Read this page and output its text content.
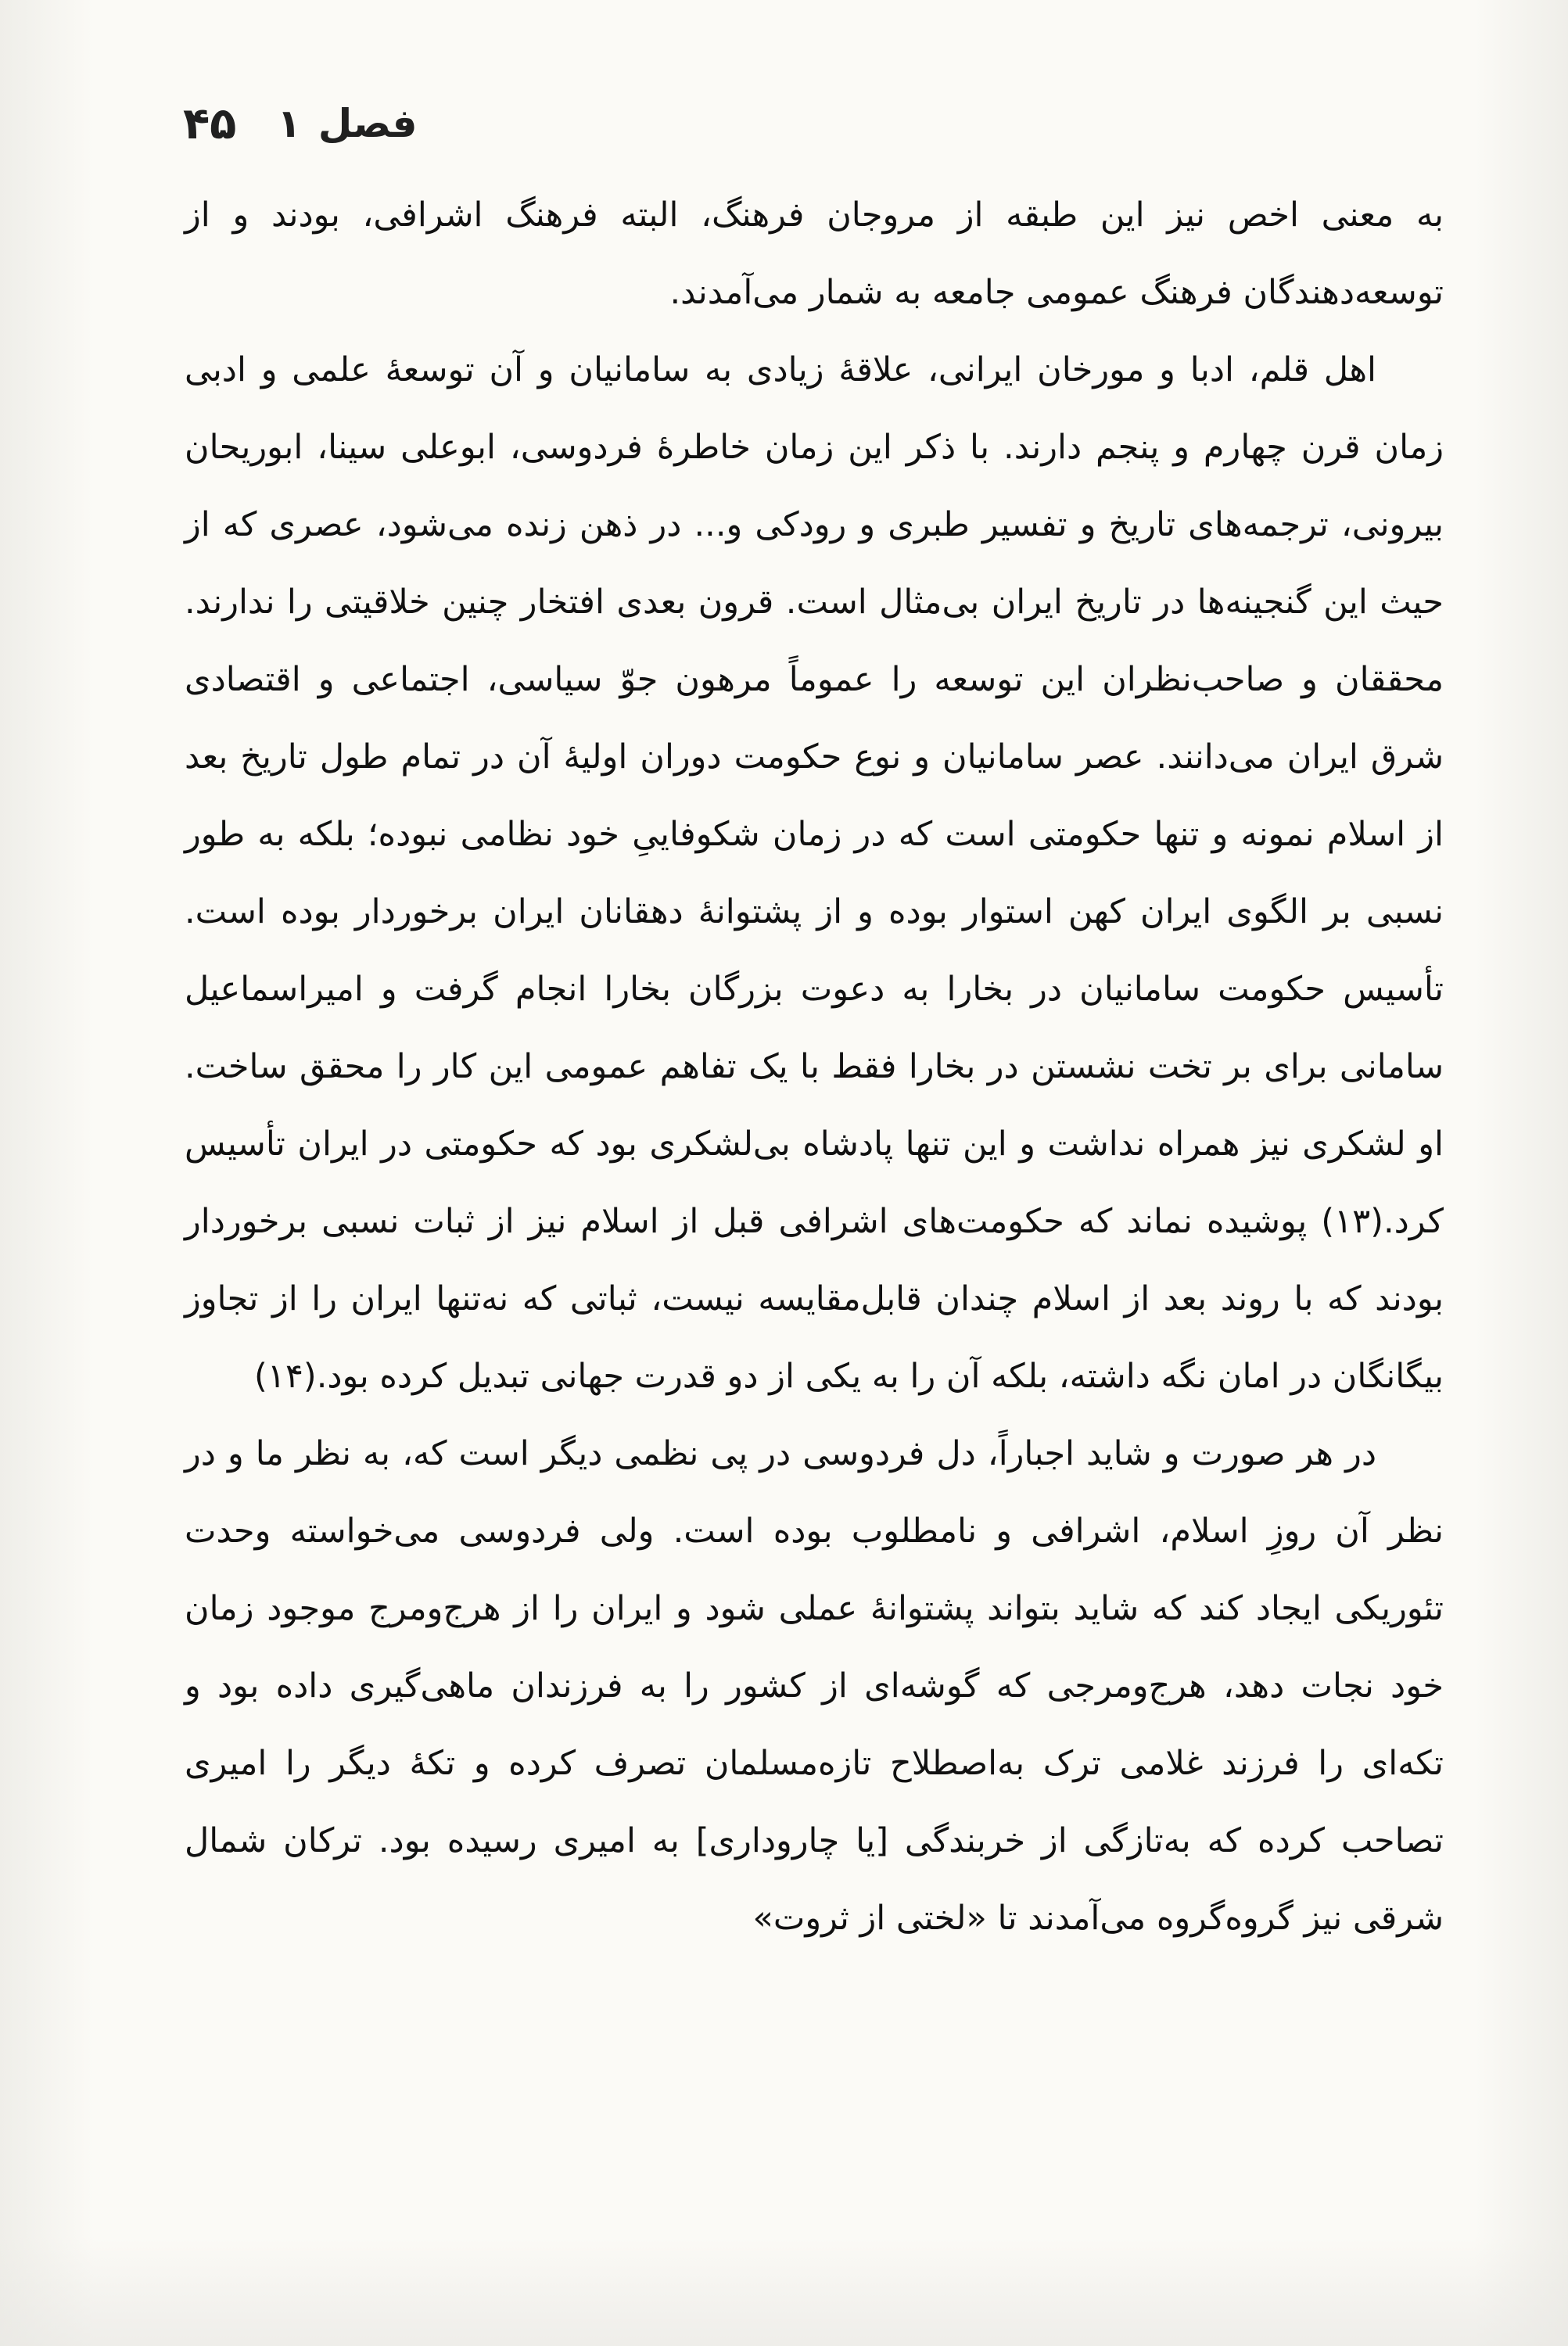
فصل
۱
۴۵

به معنی اخص نیز این طبقه از مروجان فرهنگ، البته فرهنگ اشرافی، بودند و از توسعه‌دهندگان فرهنگ عمومی جامعه به شمار می‌آمدند.

اهل قلم، ادبا و مورخان ایرانی، علاقهٔ زیادی به سامانیان و آن توسعهٔ علمی و ادبی زمان قرن چهارم و پنجم دارند. با ذکر این زمان خاطرهٔ فردوسی، ابوعلی سینا، ابوریحان بیرونی، ترجمه‌های تاریخ و تفسیر طبری و رودکی و... در ذهن زنده می‌شود، عصری که از حیث این گنجینه‌ها در تاریخ ایران بی‌مثال است. قرون بعدی افتخار چنین خلاقیتی را ندارند. محققان و صاحب‌نظران این توسعه را عموماً مرهون جوّ سیاسی، اجتماعی و اقتصادی شرق ایران می‌دانند. عصر سامانیان و نوع حکومت دوران اولیهٔ آن در تمام طول تاریخ بعد از اسلام نمونه و تنها حکومتی است که در زمان شکوفاییِ خود نظامی نبوده؛ بلکه به طور نسبی بر الگوی ایران کهن استوار بوده و از پشتوانهٔ دهقانان ایران برخوردار بوده است. تأسیس حکومت سامانیان در بخارا به دعوت بزرگان بخارا انجام گرفت و امیراسماعیل سامانی برای بر تخت نشستن در بخارا فقط با یک تفاهم عمومی این کار را محقق ساخت. او لشکری نیز همراه نداشت و این تنها پادشاه بی‌لشکری بود که حکومتی در ایران تأسیس کرد.(۱۳) پوشیده نماند که حکومت‌های اشرافی قبل از اسلام نیز از ثبات نسبی برخوردار بودند که با روند بعد از اسلام چندان قابل‌مقایسه نیست، ثباتی که نه‌تنها ایران را از تجاوز بیگانگان در امان نگه داشته، بلکه آن را به یکی از دو قدرت جهانی تبدیل کرده بود.(۱۴)

در هر صورت و شاید اجباراً، دل فردوسی در پی نظمی دیگر است که، به نظر ما و در نظر آن روزِ اسلام، اشرافی و نامطلوب بوده است. ولی فردوسی می‌خواسته وحدت تئوریکی ایجاد کند که شاید بتواند پشتوانهٔ عملی شود و ایران را از هرج‌ومرج موجود زمان خود نجات دهد، هرج‌ومرجی که گوشه‌ای از کشور را به فرزندان ماهی‌گیری داده بود و تکه‌ای را فرزند غلامی ترک به‌اصطلاح تازه‌مسلمان تصرف کرده و تکهٔ دیگر را امیری تصاحب کرده که به‌تازگی از خربندگی [یا چاروداری] به امیری رسیده بود. ترکان شمال شرقی نیز گروه‌گروه می‌آمدند تا «لختی از ثروت»
